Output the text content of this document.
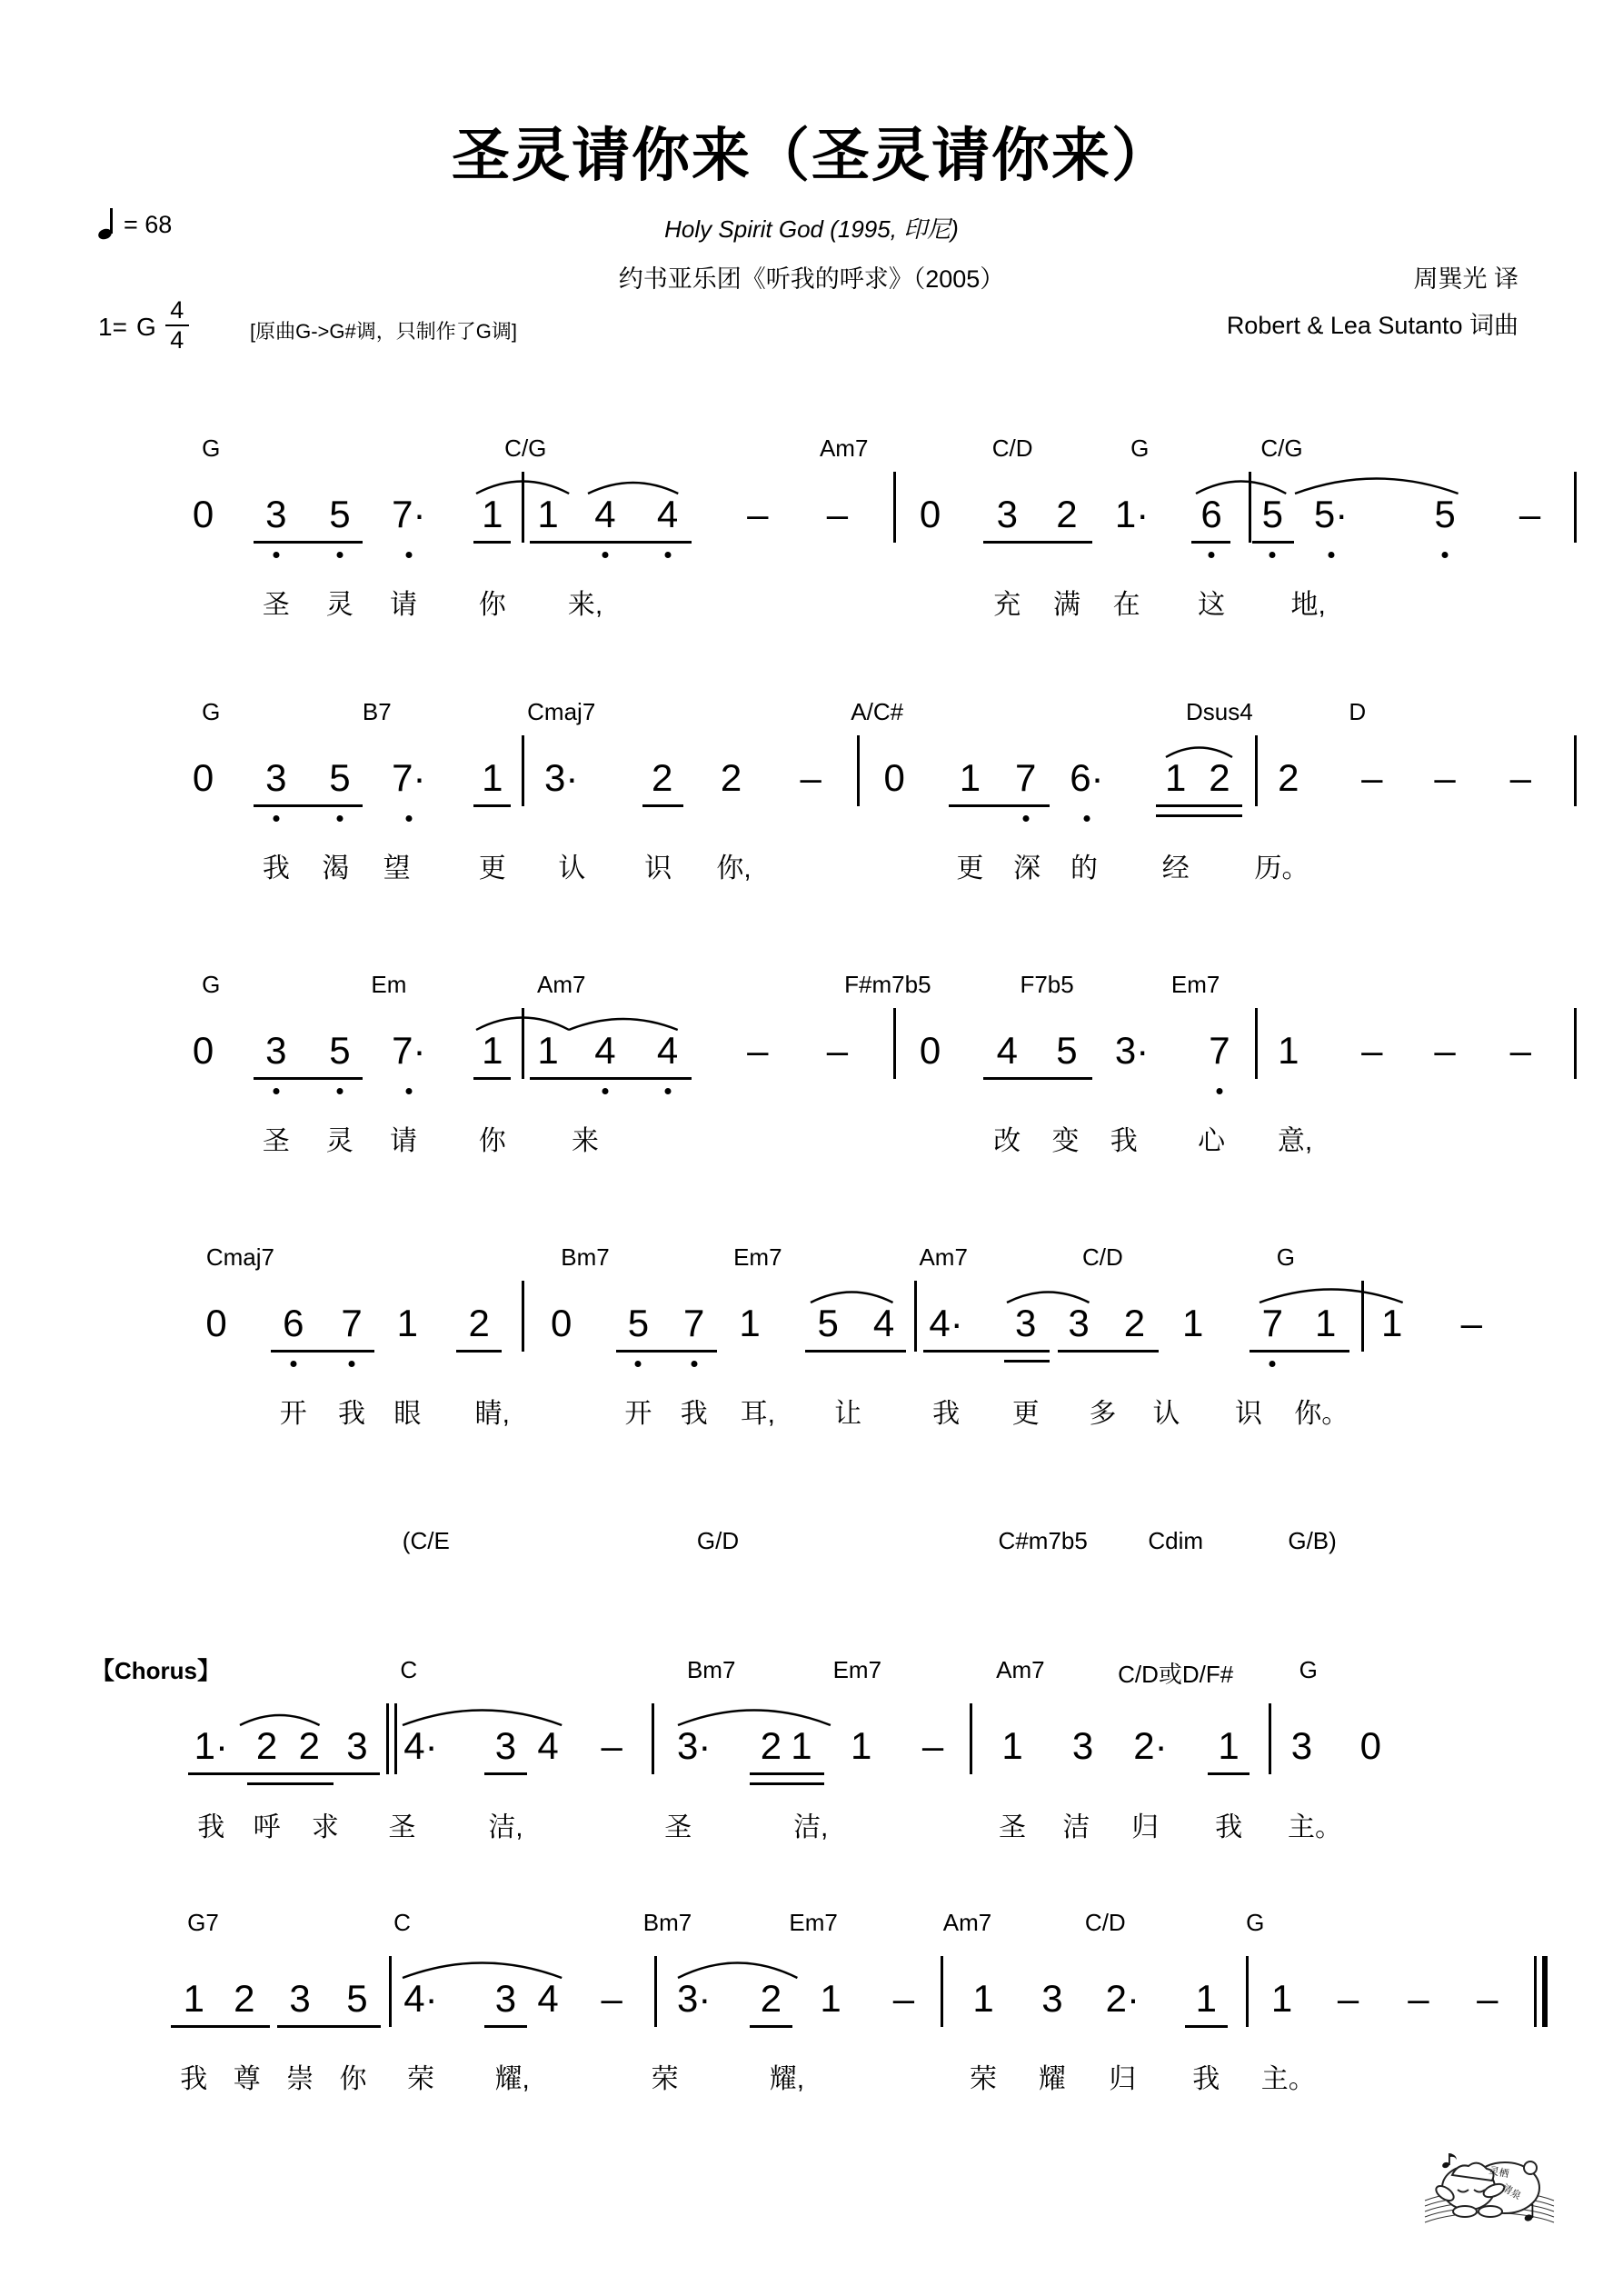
圣灵请你来（圣灵请你来）
Holy Spirit God (1995, 印尼)
约书亚乐团《听我的呼求》（2005）	周巽光 译
Robert & Lea Sutanto 词曲
= 68
1= G
4
4	[原曲G->G#调，只制作了G调]
【Chorus】
G	C/G	Am7	C/D	G	C/G
0 3 5 7· 1 1 4 4 – – 0 3 2 1· 6 5 5· 5 –
圣 灵 请 你 来,	充 满 在 这 地,
G	B7	Cmaj7	A/C#	Dsus4	D
0 3 5 7· 1 3· 2 2 – 0 1 7 6· 1 2 2 – – –
我 渴 望	更 认 识 你,	更 深 的 经 历。
G	Em	Am7	F#m7b5	F7b5	Em7
0 3 5 7· 1 1 4 4 – – 0 4 5 3· 7 1 – – –
圣 灵 请 你 来	改 变 我 心 意,
Cmaj7	Bm7	Em7	Am7	C/D	G
0 6 7 1 2 0 5 7 1 5 4 4· 3 3 2 1 7 1 1 –
开 我 眼 睛,	开 我 耳, 让	我 更 多 认 识 你。
(C/E	G/D	C#m7b5	Cdim	G/B)
C	Bm7	Em7	Am7	C/D或D/F#	G
1· 2 2 3 4· 3 4 – 3· 2 1 1 – 1 3 2· 1 3 0
我 呼 求 圣	洁,	圣	洁,	圣 洁 归 我 主。
G7	C	Bm7	Em7	Am7	C/D	G
1 2 3 5 4· 3 4 – 3· 2 1 – 1 3 2· 1 1 – – –
我 尊 崇 你 荣 耀,	荣	耀,	荣 耀 归 我 主。
灵栖
清泉
